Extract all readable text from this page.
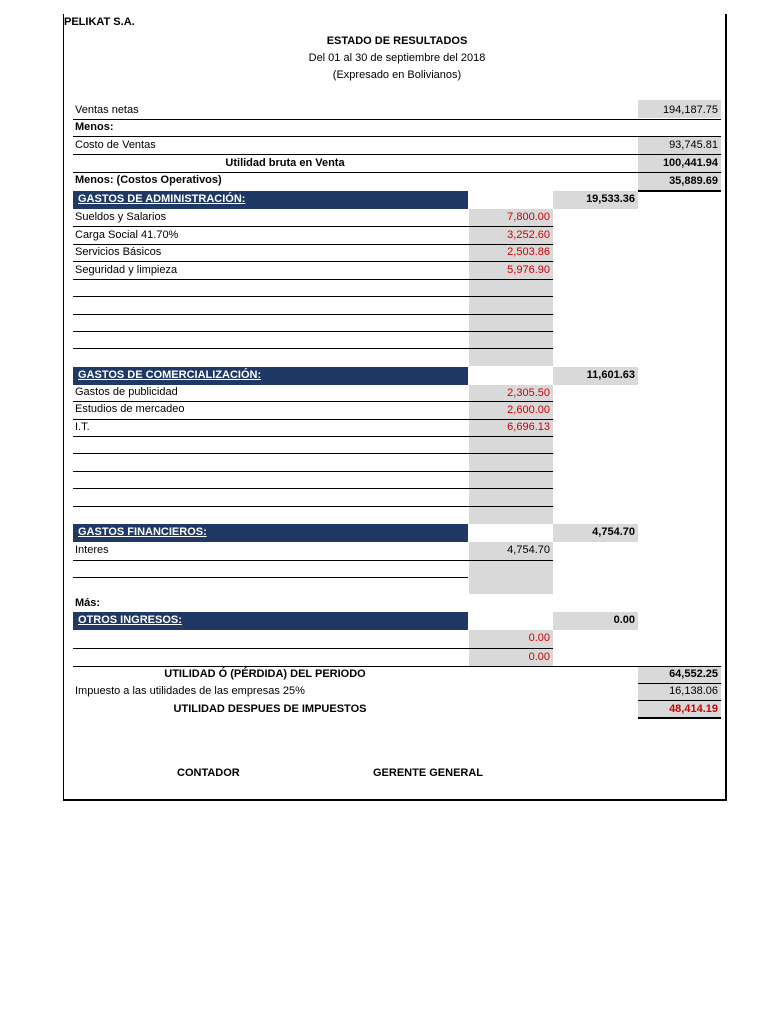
PELIKAT S.A.
ESTADO DE RESULTADOS
Del 01 al 30 de septiembre del 2018
(Expresado en Bolivianos)
Ventas netas	194,187.75
Menos:
Costo de Ventas	93,745.81
Utilidad bruta en Venta	100,441.94
Menos: (Costos Operativos)	35,889.69
GASTOS DE ADMINISTRACIÓN:	19,533.36
Sueldos y Salarios	7,800.00
Carga Social 41.70%	3,252.60
Servicios Básicos	2,503.86
Seguridad y limpieza	5,976.90
GASTOS DE COMERCIALIZACIÓN:	11,601.63
Gastos de publicidad	2,305.50
Estudios de mercadeo	2,600.00
I.T.	6,696.13
GASTOS FINANCIEROS:	4,754.70
Interes	4,754.70
Más:
OTROS INGRESOS:	0.00
0.00
0.00
UTILIDAD Ó (PÉRDIDA) DEL PERIODO	64,552.25
Impuesto a las utilidades de las empresas 25%	16,138.06
UTILIDAD DESPUES DE IMPUESTOS	48,414.19
CONTADOR	GERENTE GENERAL
